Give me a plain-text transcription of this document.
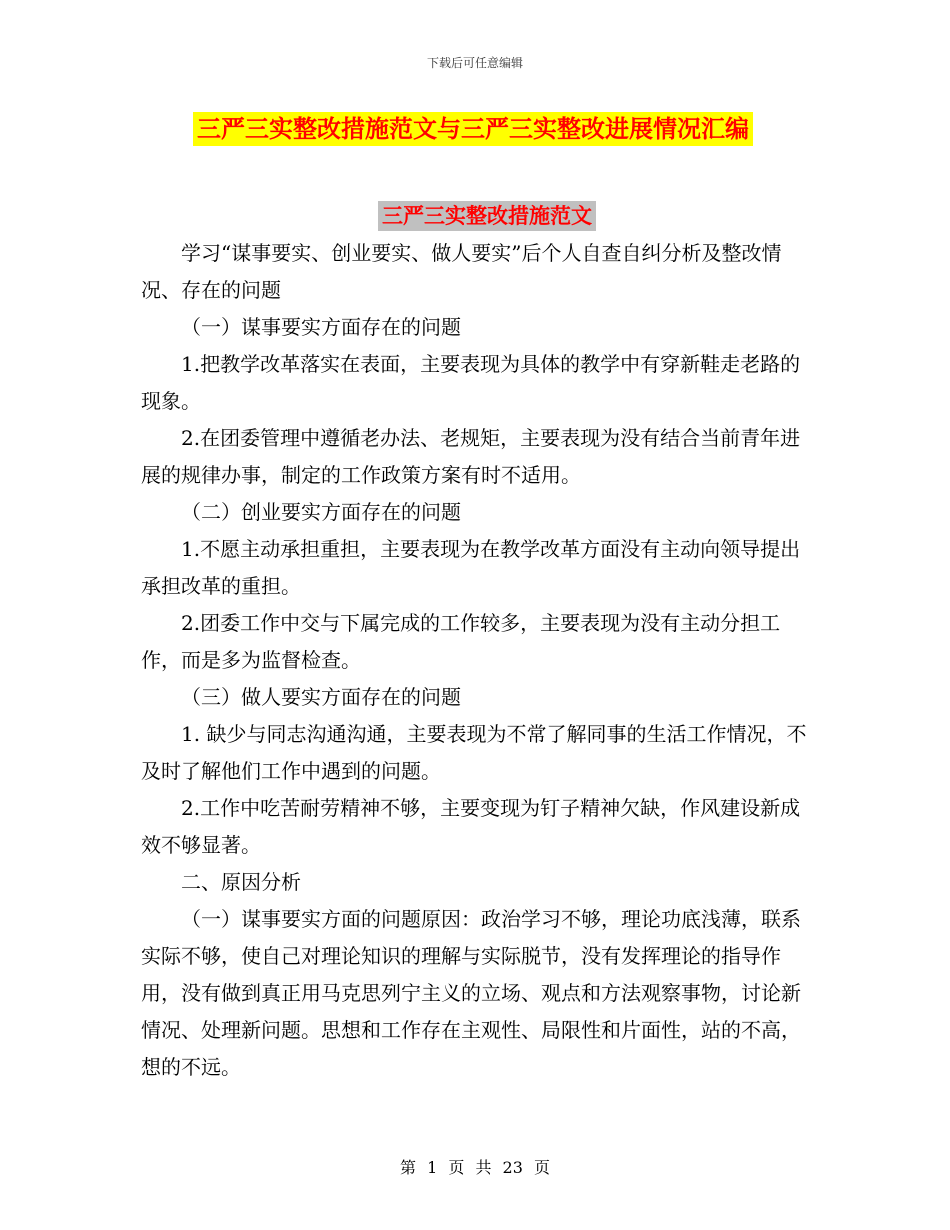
下载后可任意编辑
三严三实整改措施范文与三严三实整改进展情况汇编
三严三实整改措施范文

学习“谋事要实、创业要实、做人要实”后个人自查自纠分析及整改情况、存在的问题

（一）谋事要实方面存在的问题

1.把教学改革落实在表面，主要表现为具体的教学中有穿新鞋走老路的现象。

2.在团委管理中遵循老办法、老规矩，主要表现为没有结合当前青年进展的规律办事，制定的工作政策方案有时不适用。

（二）创业要实方面存在的问题

1.不愿主动承担重担，主要表现为在教学改革方面没有主动向领导提出承担改革的重担。

2.团委工作中交与下属完成的工作较多，主要表现为没有主动分担工作，而是多为监督检查。

（三）做人要实方面存在的问题

1. 缺少与同志沟通沟通，主要表现为不常了解同事的生活工作情况，不及时了解他们工作中遇到的问题。

2.工作中吃苦耐劳精神不够，主要变现为钉子精神欠缺，作风建设新成效不够显著。

二、原因分析

（一）谋事要实方面的问题原因：政治学习不够，理论功底浅薄，联系实际不够，使自己对理论知识的理解与实际脱节，没有发挥理论的指导作用，没有做到真正用马克思列宁主义的立场、观点和方法观察事物，讨论新情况、处理新问题。思想和工作存在主观性、局限性和片面性，站的不高，想的不远。

第 1 页 共 23 页
